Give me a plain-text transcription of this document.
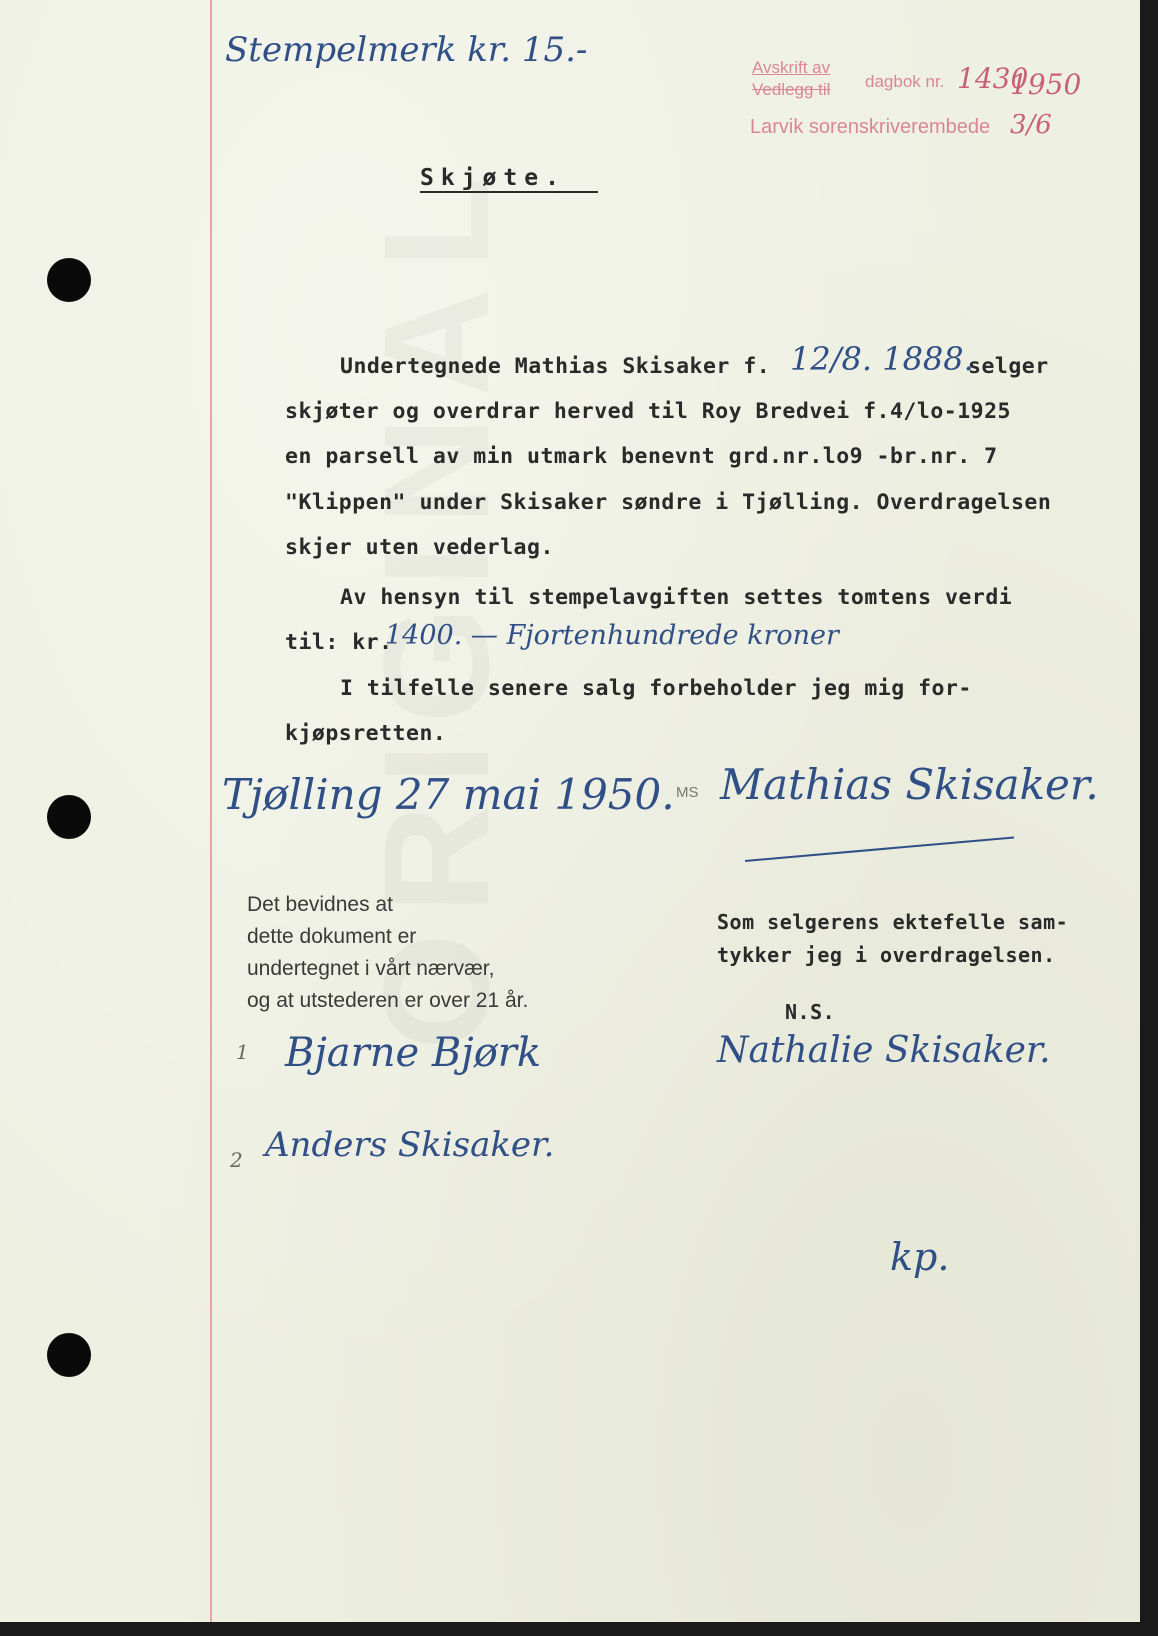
Stempelmerk kr. 15.-	Avskrift av
Vedlegg til dagbok nr. 1430
1950
Larvik sorenskriverembede 3/6
Skjøte.
Undertegnede Mathias Skisaker f. 12/8. 1888.
selger
skjøter og overdrar herved til Roy Bredvei f.4/lo-1925
en parsell av min utmark benevnt grd.nr.lo9 -br.nr. 7
"Klippen" under Skisaker søndre i Tjølling. Overdragelsen
skjer uten vederlag.
Av hensyn til stempelavgiften settes tomtens verdi
til: kr.
1400. — Fjortenhundrede kroner
I tilfelle senere salg forbeholder jeg mig for-
kjøpsretten.
Tjølling 27 mai 1950. MS Mathias Skisaker.
Det bevidnes at
dette dokument er
undertegnet i vårt nærvær,
og at utstederen er over 21 år.
1 Bjarne Bjørk
2 Anders Skisaker.
Som selgerens ektefelle sam-
tykker jeg i overdragelsen.
N.S.
Nathalie Skisaker.
kp.
